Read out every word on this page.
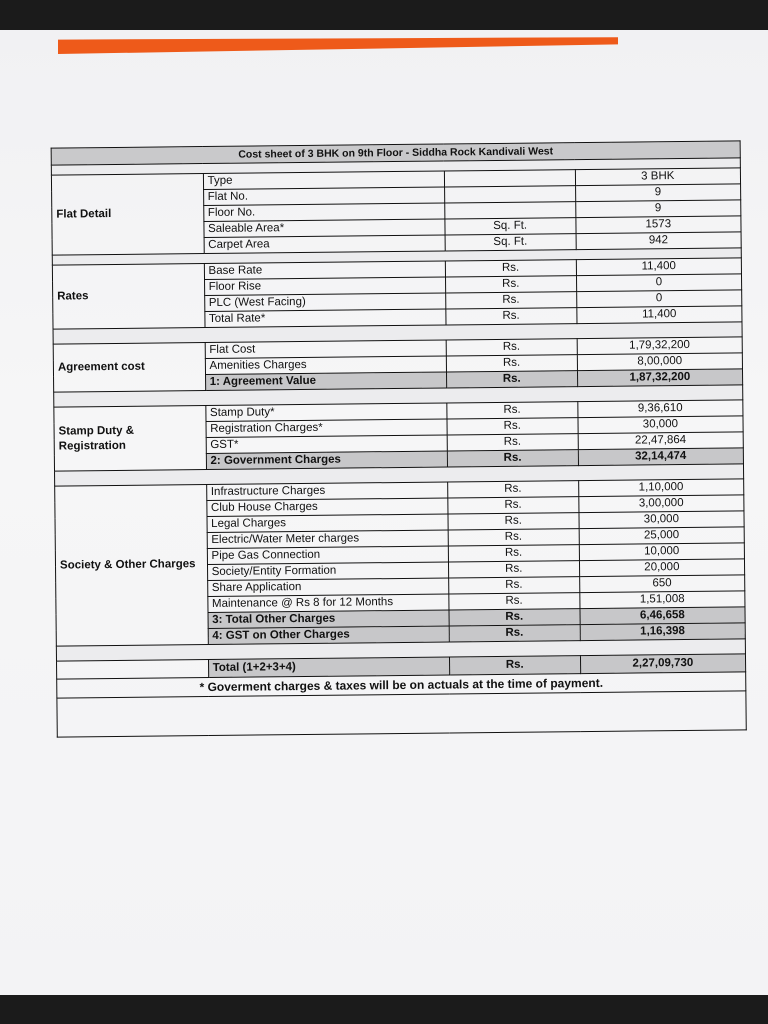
Cost sheet of 3 BHK on 9th Floor - Siddha Rock Kandivali West			

Flat Detail	Type		3 BHK
	Flat No.		9
	Floor No.		9
	Saleable Area*	Sq. Ft.	1573
	Carpet Area	Sq. Ft.	942

Rates	Base Rate	Rs.	11,400
	Floor Rise	Rs.	0
	PLC (West Facing)	Rs.	0
	Total Rate*	Rs.	11,400

Agreement cost	Flat Cost	Rs.	1,79,32,200
	Amenities Charges	Rs.	8,00,000
	1: Agreement Value	Rs.	1,87,32,200

Stamp Duty & Registration	Stamp Duty*	Rs.	9,36,610
	Registration Charges*	Rs.	30,000
	GST*	Rs.	22,47,864
	2: Government Charges	Rs.	32,14,474

Society & Other Charges	Infrastructure Charges	Rs.	1,10,000
	Club House Charges	Rs.	3,00,000
	Legal Charges	Rs.	30,000
	Electric/Water Meter charges	Rs.	25,000
	Pipe Gas Connection	Rs.	10,000
	Society/Entity Formation	Rs.	20,000
	Share Application	Rs.	650
	Maintenance @ Rs 8 for 12 Months	Rs.	1,51,008
	3: Total Other Charges	Rs.	6,46,658
	4: GST on Other Charges	Rs.	1,16,398

	Total (1+2+3+4)	Rs.	2,27,09,730
* Goverment charges & taxes will be on actuals at the time of payment.			
